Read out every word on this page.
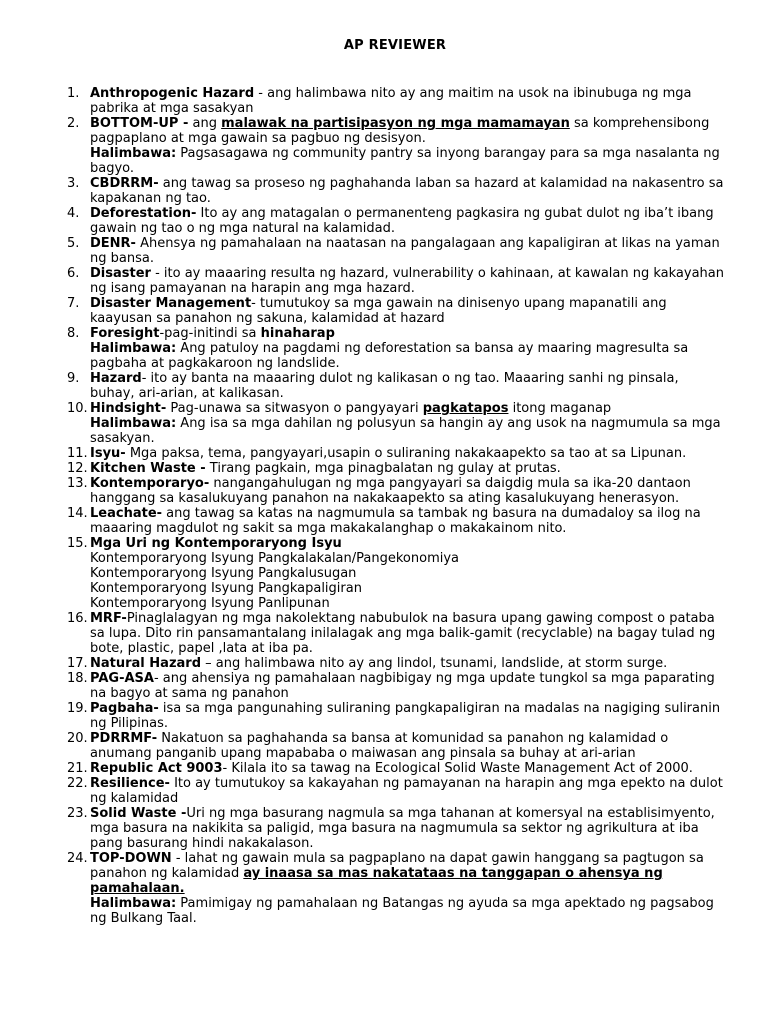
AP REVIEWER
1. Anthropogenic Hazard - ang halimbawa nito ay ang maitim na usok na ibinubuga ng mga pabrika at mga sasakyan
2. BOTTOM-UP - ang malawak na partisipasyon ng mga mamamayan sa komprehensibong pagpaplano at mga gawain sa pagbuo ng desisyon.
Halimbawa: Pagsasagawa ng community pantry sa inyong barangay para sa mga nasalanta ng bagyo.
3. CBDRRM- ang tawag sa proseso ng paghahanda laban sa hazard at kalamidad na nakasentro sa kapakanan ng tao.
4. Deforestation- Ito ay ang matagalan o permanenteng pagkasira ng gubat dulot ng iba’t ibang gawain ng tao o ng mga natural na kalamidad.
5. DENR- Ahensya ng pamahalaan na naatasan na pangalagaan ang kapaligiran at likas na yaman ng bansa.
6. Disaster - ito ay maaaring resulta ng hazard, vulnerability o kahinaan, at kawalan ng kakayahan ng isang pamayanan na harapin ang mga hazard.
7. Disaster Management- tumutukoy sa mga gawain na dinisenyo upang mapanatili ang kaayusan sa panahon ng sakuna, kalamidad at hazard
8. Foresight-pag-initindi sa hinaharap
Halimbawa: Ang patuloy na pagdami ng deforestation sa bansa ay maaring magresulta sa pagbaha at pagkakaroon ng landslide.
9. Hazard- ito ay banta na maaaring dulot ng kalikasan o ng tao. Maaaring sanhi ng pinsala, buhay, ari-arian, at kalikasan.
10. Hindsight- Pag-unawa sa sitwasyon o pangyayari pagkatapos itong maganap
Halimbawa: Ang isa sa mga dahilan ng polusyun sa hangin ay ang usok na nagmumula sa mga sasakyan.
11. Isyu- Mga paksa, tema, pangyayari,usapin o suliraning nakakaapekto sa tao at sa Lipunan.
12. Kitchen Waste - Tirang pagkain, mga pinagbalatan ng gulay at prutas.
13. Kontemporaryo- nangangahulugan ng mga pangyayari sa daigdig mula sa ika-20 dantaon hanggang sa kasalukuyang panahon na nakakaapekto sa ating kasalukuyang henerasyon.
14. Leachate- ang tawag sa katas na nagmumula sa tambak ng basura na dumadaloy sa ilog na maaaring magdulot ng sakit sa mga makakalanghap o makakainom nito.
15. Mga Uri ng Kontemporaryong Isyu
Kontemporaryong Isyung Pangkalakalan/Pangekonomiya
Kontemporaryong Isyung Pangkalusugan
Kontemporaryong Isyung Pangkapaligiran
Kontemporaryong Isyung Panlipunan
16. MRF-Pinaglalagyan ng mga nakolektang nabubulok na basura upang gawing compost o pataba sa lupa. Dito rin pansamantalang inilalagak ang mga balik-gamit (recyclable) na bagay tulad ng bote, plastic, papel ,lata at iba pa.
17. Natural Hazard – ang halimbawa nito ay ang lindol, tsunami, landslide, at storm surge.
18. PAG-ASA- ang ahensiya ng pamahalaan nagbibigay ng mga update tungkol sa mga paparating na bagyo at sama ng panahon
19. Pagbaha- isa sa mga pangunahing suliraning pangkapaligiran na madalas na nagiging suliranin ng Pilipinas.
20. PDRRMF- Nakatuon sa paghahanda sa bansa at komunidad sa panahon ng kalamidad o anumang panganib upang mapababa o maiwasan ang pinsala sa buhay at ari-arian
21. Republic Act 9003- Kilala ito sa tawag na Ecological Solid Waste Management Act of 2000.
22. Resilience- Ito ay tumutukoy sa kakayahan ng pamayanan na harapin ang mga epekto na dulot ng kalamidad
23. Solid Waste -Uri ng mga basurang nagmula sa mga tahanan at komersyal na establisimyento, mga basura na nakikita sa paligid, mga basura na nagmumula sa sektor ng agrikultura at iba pang basurang hindi nakakalason.
24. TOP-DOWN - lahat ng gawain mula sa pagpaplano na dapat gawin hanggang sa pagtugon sa panahon ng kalamidad ay inaasa sa mas nakatataas na tanggapan o ahensya ng pamahalaan.
Halimbawa: Pamimigay ng pamahalaan ng Batangas ng ayuda sa mga apektado ng pagsabog ng Bulkang Taal.
